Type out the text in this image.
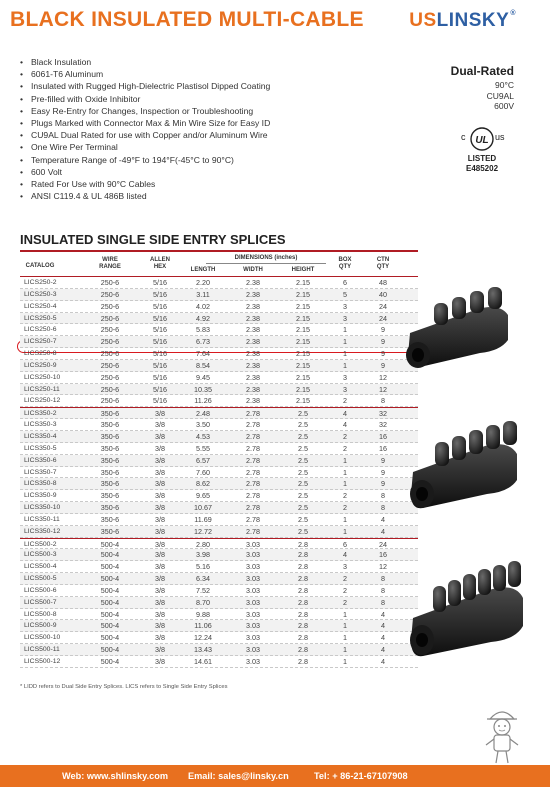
BLACK INSULATED MULTI-CABLE USLINSKY®
• Black Insulation
• 6061-T6 Aluminum
• Insulated with Rugged High-Dielectric Plastisol Dipped Coating
• Pre-filled with Oxide Inhibitor
• Easy Re-Entry for Changes, Inspection or Troubleshooting
• Plugs Marked with Connector Max & Min Wire Size for Easy ID
• CU9AL Dual Rated for use with Copper and/or Aluminum Wire
• One Wire Per Terminal
• Temperature Range of -49°F to 194°F(-45°C to 90°C)
• 600 Volt
• Rated For Use with 90°C Cables
• ANSI C119.4 & UL 486B listed
Dual-Rated
90°C
CU9AL
600V
c UL us
LISTED
E485202
INSULATED SINGLE SIDE ENTRY SPLICES
CATALOG
WIRE
RANGE
ALLEN
HEX
DIMENSIONS (inches)
LENGTH	WIDTH	HEIGHT
BOX
QTY
CTN
QTY
LICS250-2	250-6	5/16	2.20	2.38	2.15	6	48
LICS250-3	250-6	5/16	3.11	2.38	2.15	5	40
LICS250-4	250-6	5/16	4.02	2.38	2.15	3	24
LICS250-5	250-6	5/16	4.92	2.38	2.15	3	24
LICS250-6	250-6	5/16	5.83	2.38	2.15	1	9
LICS250-7	250-6	5/16	6.73	2.38	2.15	1	9
LICS250-8	250-6	5/16	7.64	2.38	2.15	1	9
LICS250-9	250-6	5/16	8.54	2.38	2.15	1	9
LICS250-10	250-6	5/16	9.45	2.38	2.15	3	12
LICS250-11	250-6	5/16	10.35	2.38	2.15	3	12
LICS250-12	250-6	5/16	11.26	2.38	2.15	2	8
LICS350-2	350-6	3/8	2.48	2.78	2.5	4	32
LICS350-3	350-6	3/8	3.50	2.78	2.5	4	32
LICS350-4	350-6	3/8	4.53	2.78	2.5	2	16
LICS350-5	350-6	3/8	5.55	2.78	2.5	2	16
LICS350-6	350-6	3/8	6.57	2.78	2.5	1	9
LICS350-7	350-6	3/8	7.60	2.78	2.5	1	9
LICS350-8	350-6	3/8	8.62	2.78	2.5	1	9
LICS350-9	350-6	3/8	9.65	2.78	2.5	2	8
LICS350-10	350-6	3/8	10.67	2.78	2.5	2	8
LICS350-11	350-6	3/8	11.69	2.78	2.5	1	4
LICS350-12	350-6	3/8	12.72	2.78	2.5	1	4
LICS500-2	500-4	3/8	2.80	3.03	2.8	6	24
LICS500-3	500-4	3/8	3.98	3.03	2.8	4	16
LICS500-4	500-4	3/8	5.16	3.03	2.8	3	12
LICS500-5	500-4	3/8	6.34	3.03	2.8	2	8
LICS500-6	500-4	3/8	7.52	3.03	2.8	2	8
LICS500-7	500-4	3/8	8.70	3.03	2.8	2	8
LICS500-8	500-4	3/8	9.88	3.03	2.8	1	4
LICS500-9	500-4	3/8	11.06	3.03	2.8	1	4
LICS500-10	500-4	3/8	12.24	3.03	2.8	1	4
LICS500-11	500-4	3/8	13.43	3.03	2.8	1	4
LICS500-12	500-4	3/8	14.61	3.03	2.8	1	4
* LIDD refers to Dual Side Entry Splices. LICS refers to Single Side Entry Splices
Web: www.shlinsky.com Email: sales@linsky.cn	Tel: + 86-21-67107908
